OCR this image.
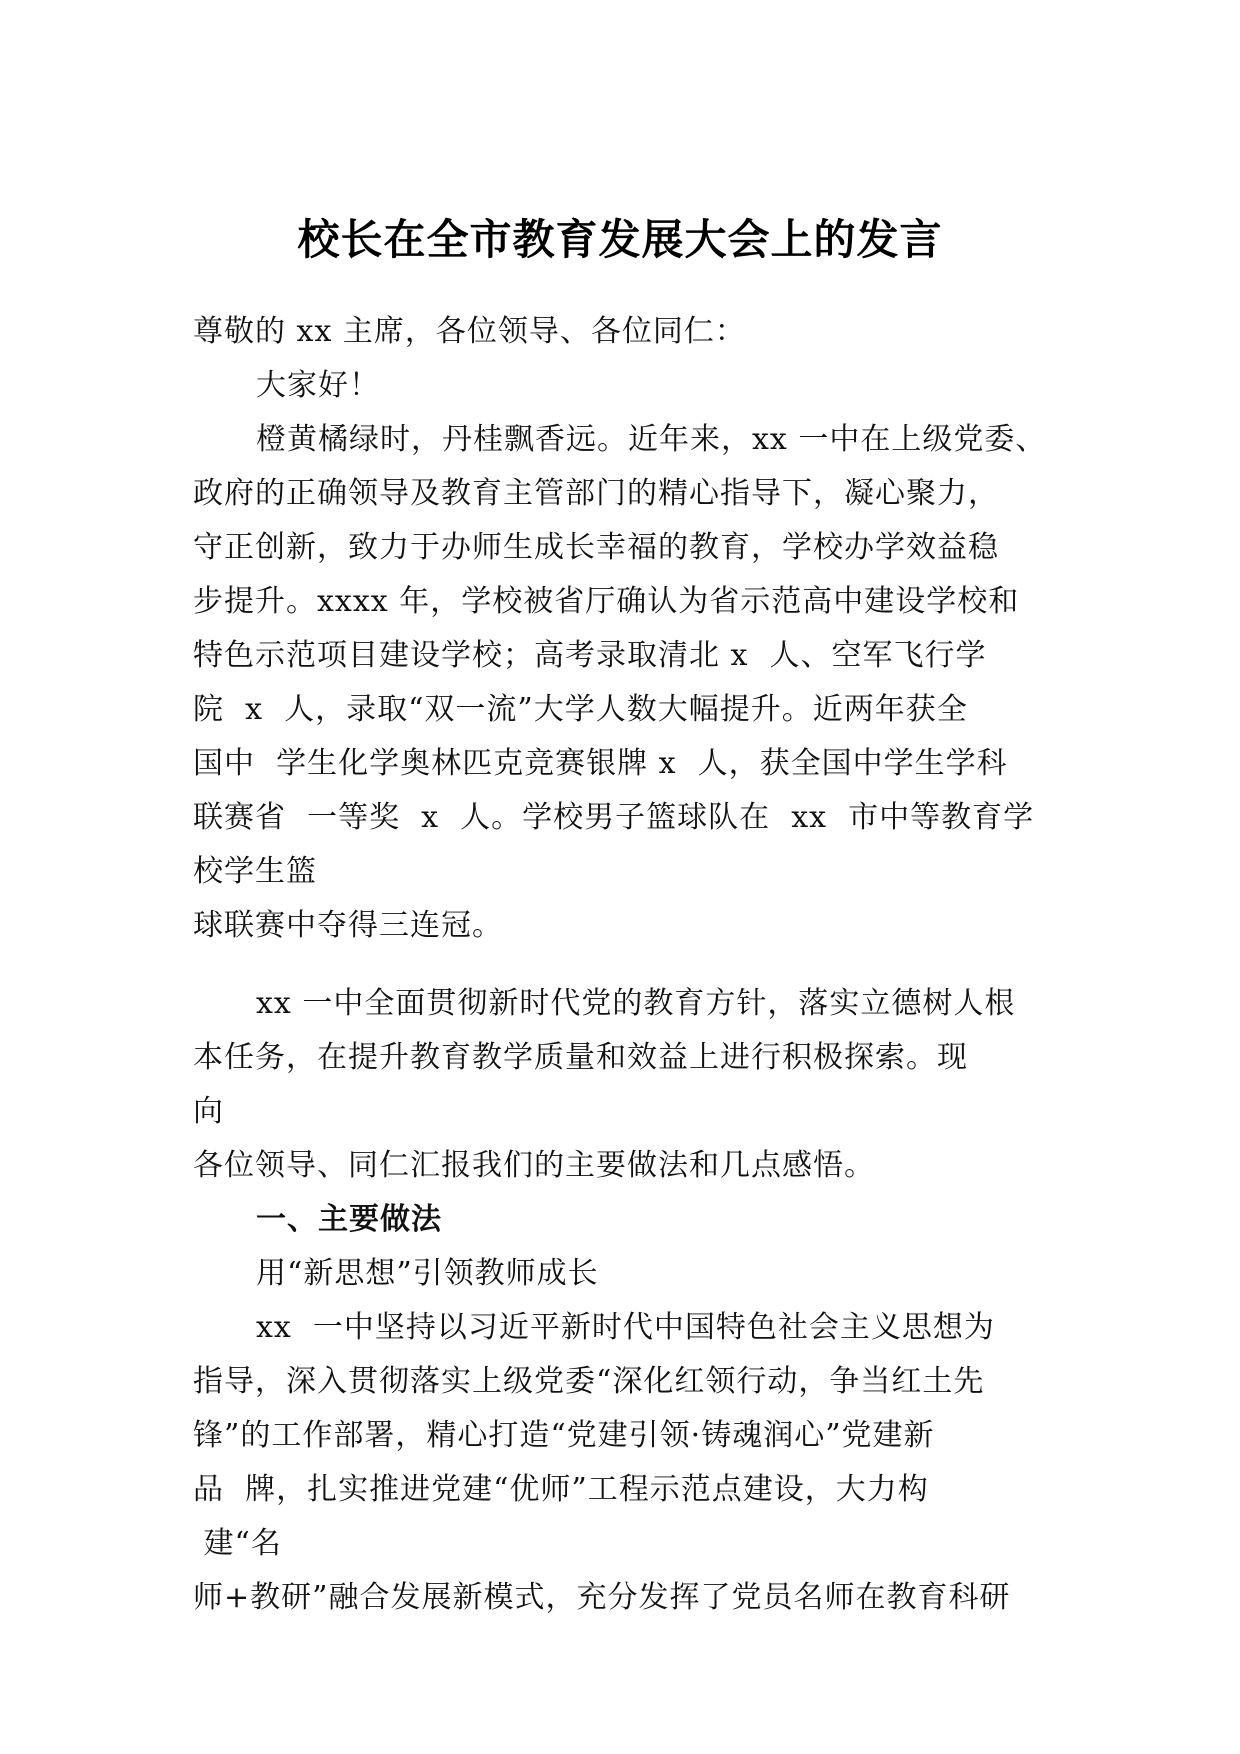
校长在全市教育发展大会上的发言
尊敬的 xx 主席，各位领导、各位同仁：
大家好！
橙黄橘绿时，丹桂飘香远。近年来，xx 一中在上级党委、
政府的正确领导及教育主管部门的精心指导下，凝心聚力，
守正创新，致力于办师生成长幸福的教育，学校办学效益稳
步提升。xxxx 年，学校被省厅确认为省示范高中建设学校和
特色示范项目建设学校；高考录取清北 x  人、空军飞行学
院  x  人，录取“双一流”大学人数大幅提升。近两年获全
国中  学生化学奥林匹克竞赛银牌 x  人，获全国中学生学科
联赛省  一等奖  x  人。学校男子篮球队在  xx  市中等教育学
校学生篮
球联赛中夺得三连冠。
xx 一中全面贯彻新时代党的教育方针，落实立德树人根
本任务，在提升教育教学质量和效益上进行积极探索。现
向
各位领导、同仁汇报我们的主要做法和几点感悟。
一、主要做法
用“新思想”引领教师成长
xx  一中坚持以习近平新时代中国特色社会主义思想为
指导，深入贯彻落实上级党委“深化红领行动，争当红土先
锋”的工作部署，精心打造“党建引领·铸魂润心”党建新
品  牌，扎实推进党建“优师”工程示范点建设，大力构
建“名
师+教研”融合发展新模式，充分发挥了党员名师在教育科研
